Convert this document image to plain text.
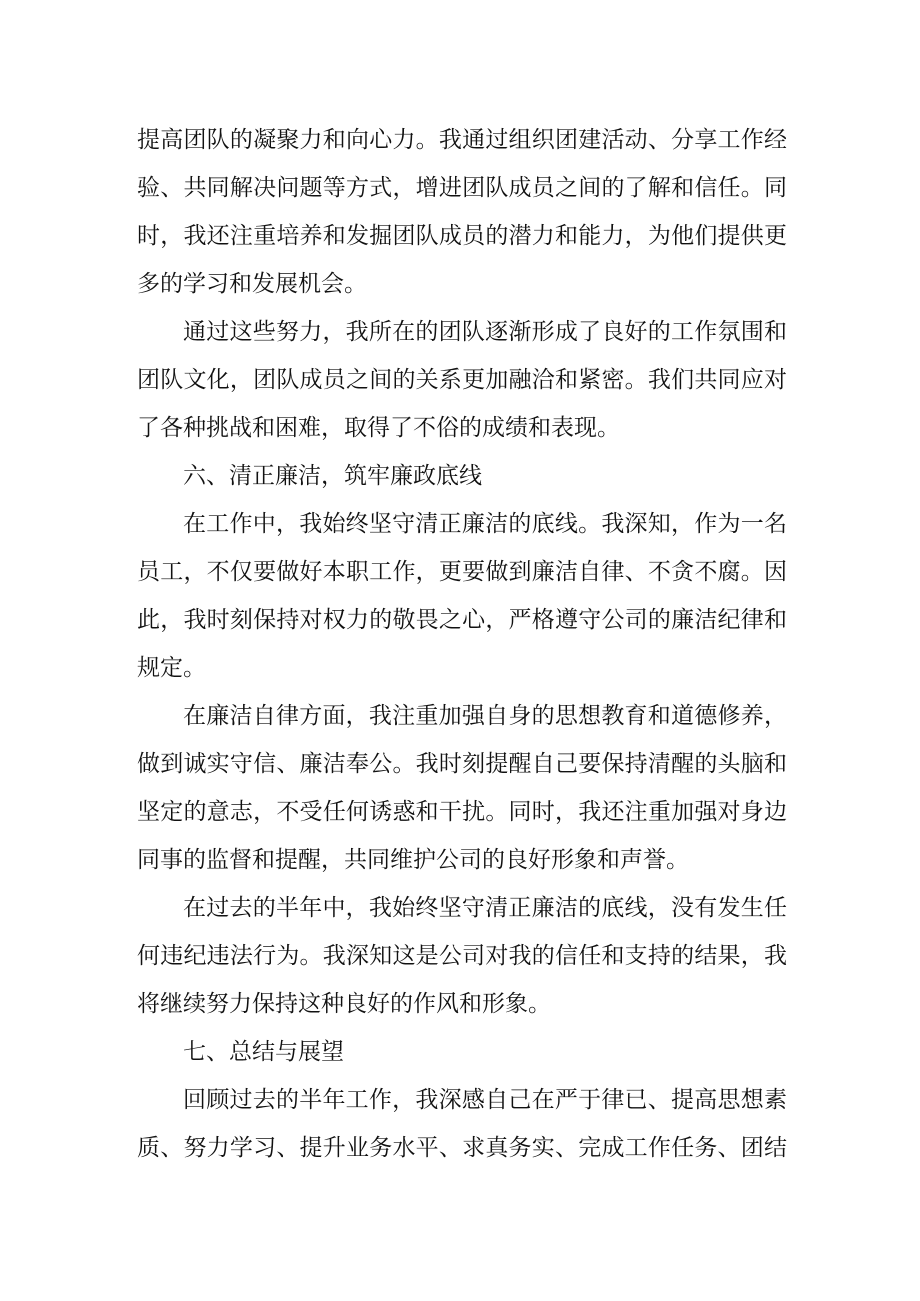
提高团队的凝聚力和向心力。我通过组织团建活动、分享工作经
验、共同解决问题等方式，增进团队成员之间的了解和信任。同
时，我还注重培养和发掘团队成员的潜力和能力，为他们提供更
多的学习和发展机会。
通过这些努力，我所在的团队逐渐形成了良好的工作氛围和
团队文化，团队成员之间的关系更加融洽和紧密。我们共同应对
了各种挑战和困难，取得了不俗的成绩和表现。
六、清正廉洁，筑牢廉政底线
在工作中，我始终坚守清正廉洁的底线。我深知，作为一名
员工，不仅要做好本职工作，更要做到廉洁自律、不贪不腐。因
此，我时刻保持对权力的敬畏之心，严格遵守公司的廉洁纪律和
规定。
在廉洁自律方面，我注重加强自身的思想教育和道德修养，
做到诚实守信、廉洁奉公。我时刻提醒自己要保持清醒的头脑和
坚定的意志，不受任何诱惑和干扰。同时，我还注重加强对身边
同事的监督和提醒，共同维护公司的良好形象和声誉。
在过去的半年中，我始终坚守清正廉洁的底线，没有发生任
何违纪违法行为。我深知这是公司对我的信任和支持的结果，我
将继续努力保持这种良好的作风和形象。
七、总结与展望
回顾过去的半年工作，我深感自己在严于律已、提高思想素
质、努力学习、提升业务水平、求真务实、完成工作任务、团结
